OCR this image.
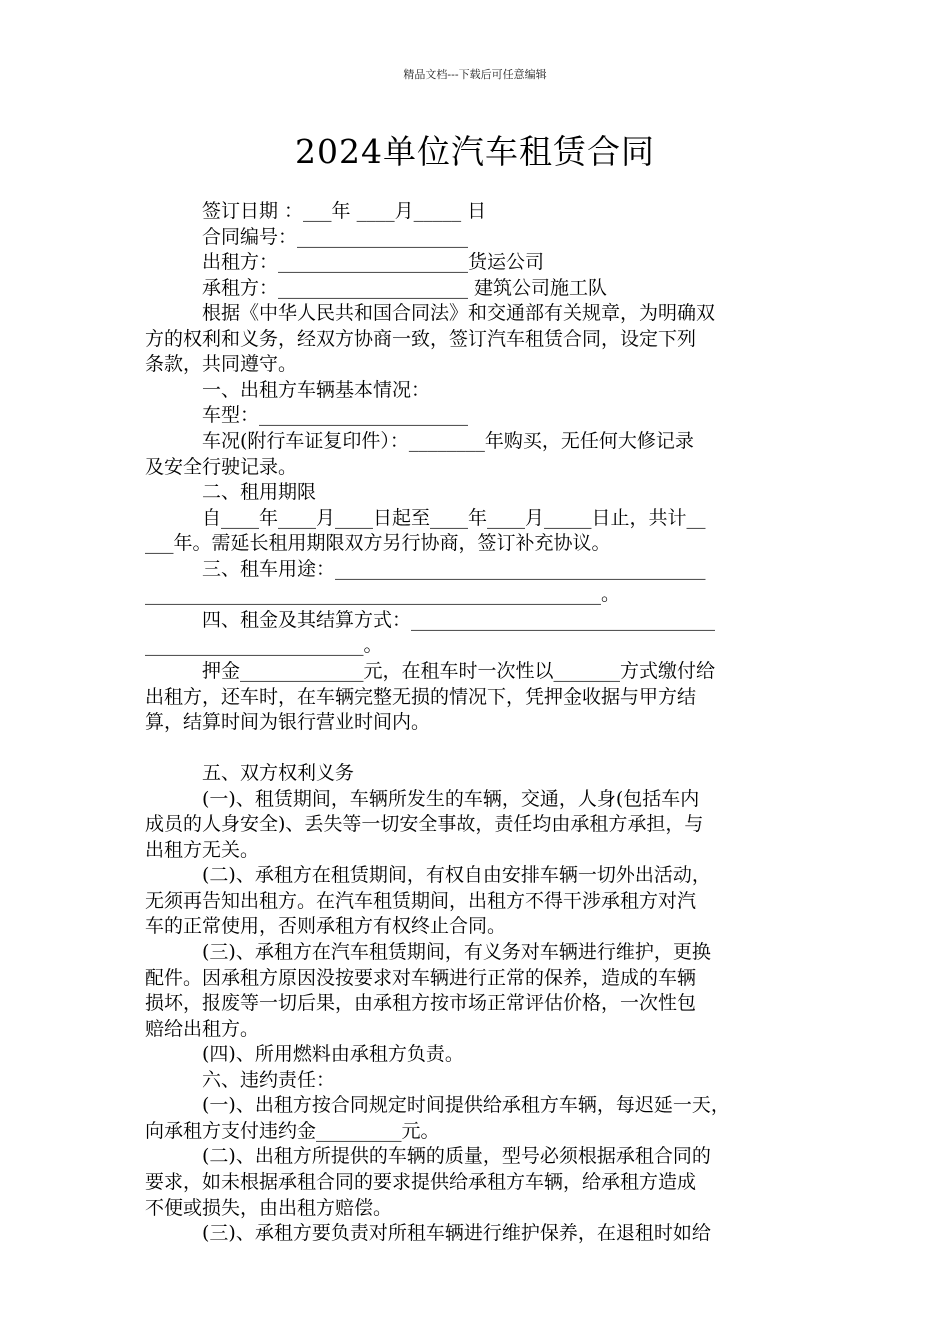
精品文档---下载后可任意编辑
2024单位汽车租赁合同
签订日期 ：___年 ____月_____ 日
合同编号：__________________
出租方：____________________货运公司
承租方：____________________ 建筑公司施工队
根据《中华人民共和国合同法》和交通部有关规章，为明确双
方的权利和义务，经双方协商一致，签订汽车租赁合同，设定下列
条款，共同遵守。
一、出租方车辆基本情况：
车型：______________________
车况(附行车证复印件）：________年购买，无任何大修记录
及安全行驶记录。
二、租用期限
自____年____月____日起至____年____月_____日止，共计__
___年。需延长租用期限双方另行协商，签订补充协议。
三、租车用途：_______________________________________
________________________________________________。
四、租金及其结算方式：________________________________
_______________________。
押金_____________元，在租车时一次性以_______方式缴付给
出租方，还车时，在车辆完整无损的情况下，凭押金收据与甲方结
算，结算时间为银行营业时间内。
五、双方权利义务
(一)、租赁期间，车辆所发生的车辆，交通，人身(包括车内
成员的人身安全)、丢失等一切安全事故，责任均由承租方承担，与
出租方无关。
(二)、承租方在租赁期间，有权自由安排车辆一切外出活动，
无须再告知出租方。在汽车租赁期间，出租方不得干涉承租方对汽
车的正常使用，否则承租方有权终止合同。
(三)、承租方在汽车租赁期间，有义务对车辆进行维护，更换
配件。因承租方原因没按要求对车辆进行正常的保养，造成的车辆
损坏，报废等一切后果，由承租方按市场正常评估价格，一次性包
赔给出租方。
(四)、所用燃料由承租方负责。
六、违约责任：
(一)、出租方按合同规定时间提供给承租方车辆，每迟延一天，
向承租方支付违约金_________元。
(二)、出租方所提供的车辆的质量，型号必须根据承租合同的
要求，如未根据承租合同的要求提供给承租方车辆，给承租方造成
不便或损失，由出租方赔偿。
(三)、承租方要负责对所租车辆进行维护保养，在退租时如给
